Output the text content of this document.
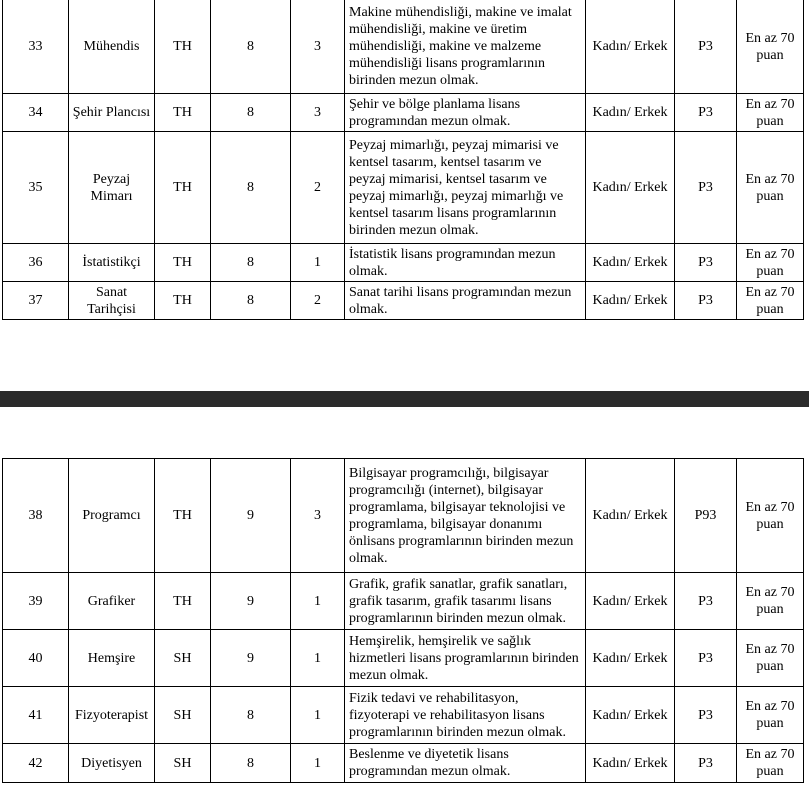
33	Mühendis	TH	8	3	Makine mühendisliği, makine ve imalat mühendisliği, makine ve üretim mühendisliği, makine ve malzeme mühendisliği lisans programlarının birinden mezun olmak.	Kadın/ Erkek	P3	En az 70 puan
34	Şehir Plancısı	TH	8	3	Şehir ve bölge planlama lisans programından mezun olmak.	Kadın/ Erkek	P3	En az 70 puan
35	Peyzaj Mimarı	TH	8	2	Peyzaj mimarlığı, peyzaj mimarisi ve kentsel tasarım, kentsel tasarım ve peyzaj mimarisi, kentsel tasarım ve peyzaj mimarlığı, peyzaj mimarlığı ve kentsel tasarım lisans programlarının birinden mezun olmak.	Kadın/ Erkek	P3	En az 70 puan
36	İstatistikçi	TH	8	1	İstatistik lisans programından mezun olmak.	Kadın/ Erkek	P3	En az 70 puan
37	Sanat Tarihçisi	TH	8	2	Sanat tarihi lisans programından mezun olmak.	Kadın/ Erkek	P3	En az 70 puan
38	Programcı	TH	9	3	Bilgisayar programcılığı, bilgisayar programcılığı (internet), bilgisayar programlama, bilgisayar teknolojisi ve programlama, bilgisayar donanımı önlisans programlarının birinden mezun olmak.	Kadın/ Erkek	P93	En az 70 puan
39	Grafiker	TH	9	1	Grafik, grafik sanatlar, grafik sanatları, grafik tasarım, grafik tasarımı lisans programlarının birinden mezun olmak.	Kadın/ Erkek	P3	En az 70 puan
40	Hemşire	SH	9	1	Hemşirelik, hemşirelik ve sağlık hizmetleri lisans programlarının birinden mezun olmak.	Kadın/ Erkek	P3	En az 70 puan
41	Fizyoterapist	SH	8	1	Fizik tedavi ve rehabilitasyon, fizyoterapi ve rehabilitasyon lisans programlarının birinden mezun olmak.	Kadın/ Erkek	P3	En az 70 puan
42	Diyetisyen	SH	8	1	Beslenme ve diyetetik lisans programından mezun olmak.	Kadın/ Erkek	P3	En az 70 puan
